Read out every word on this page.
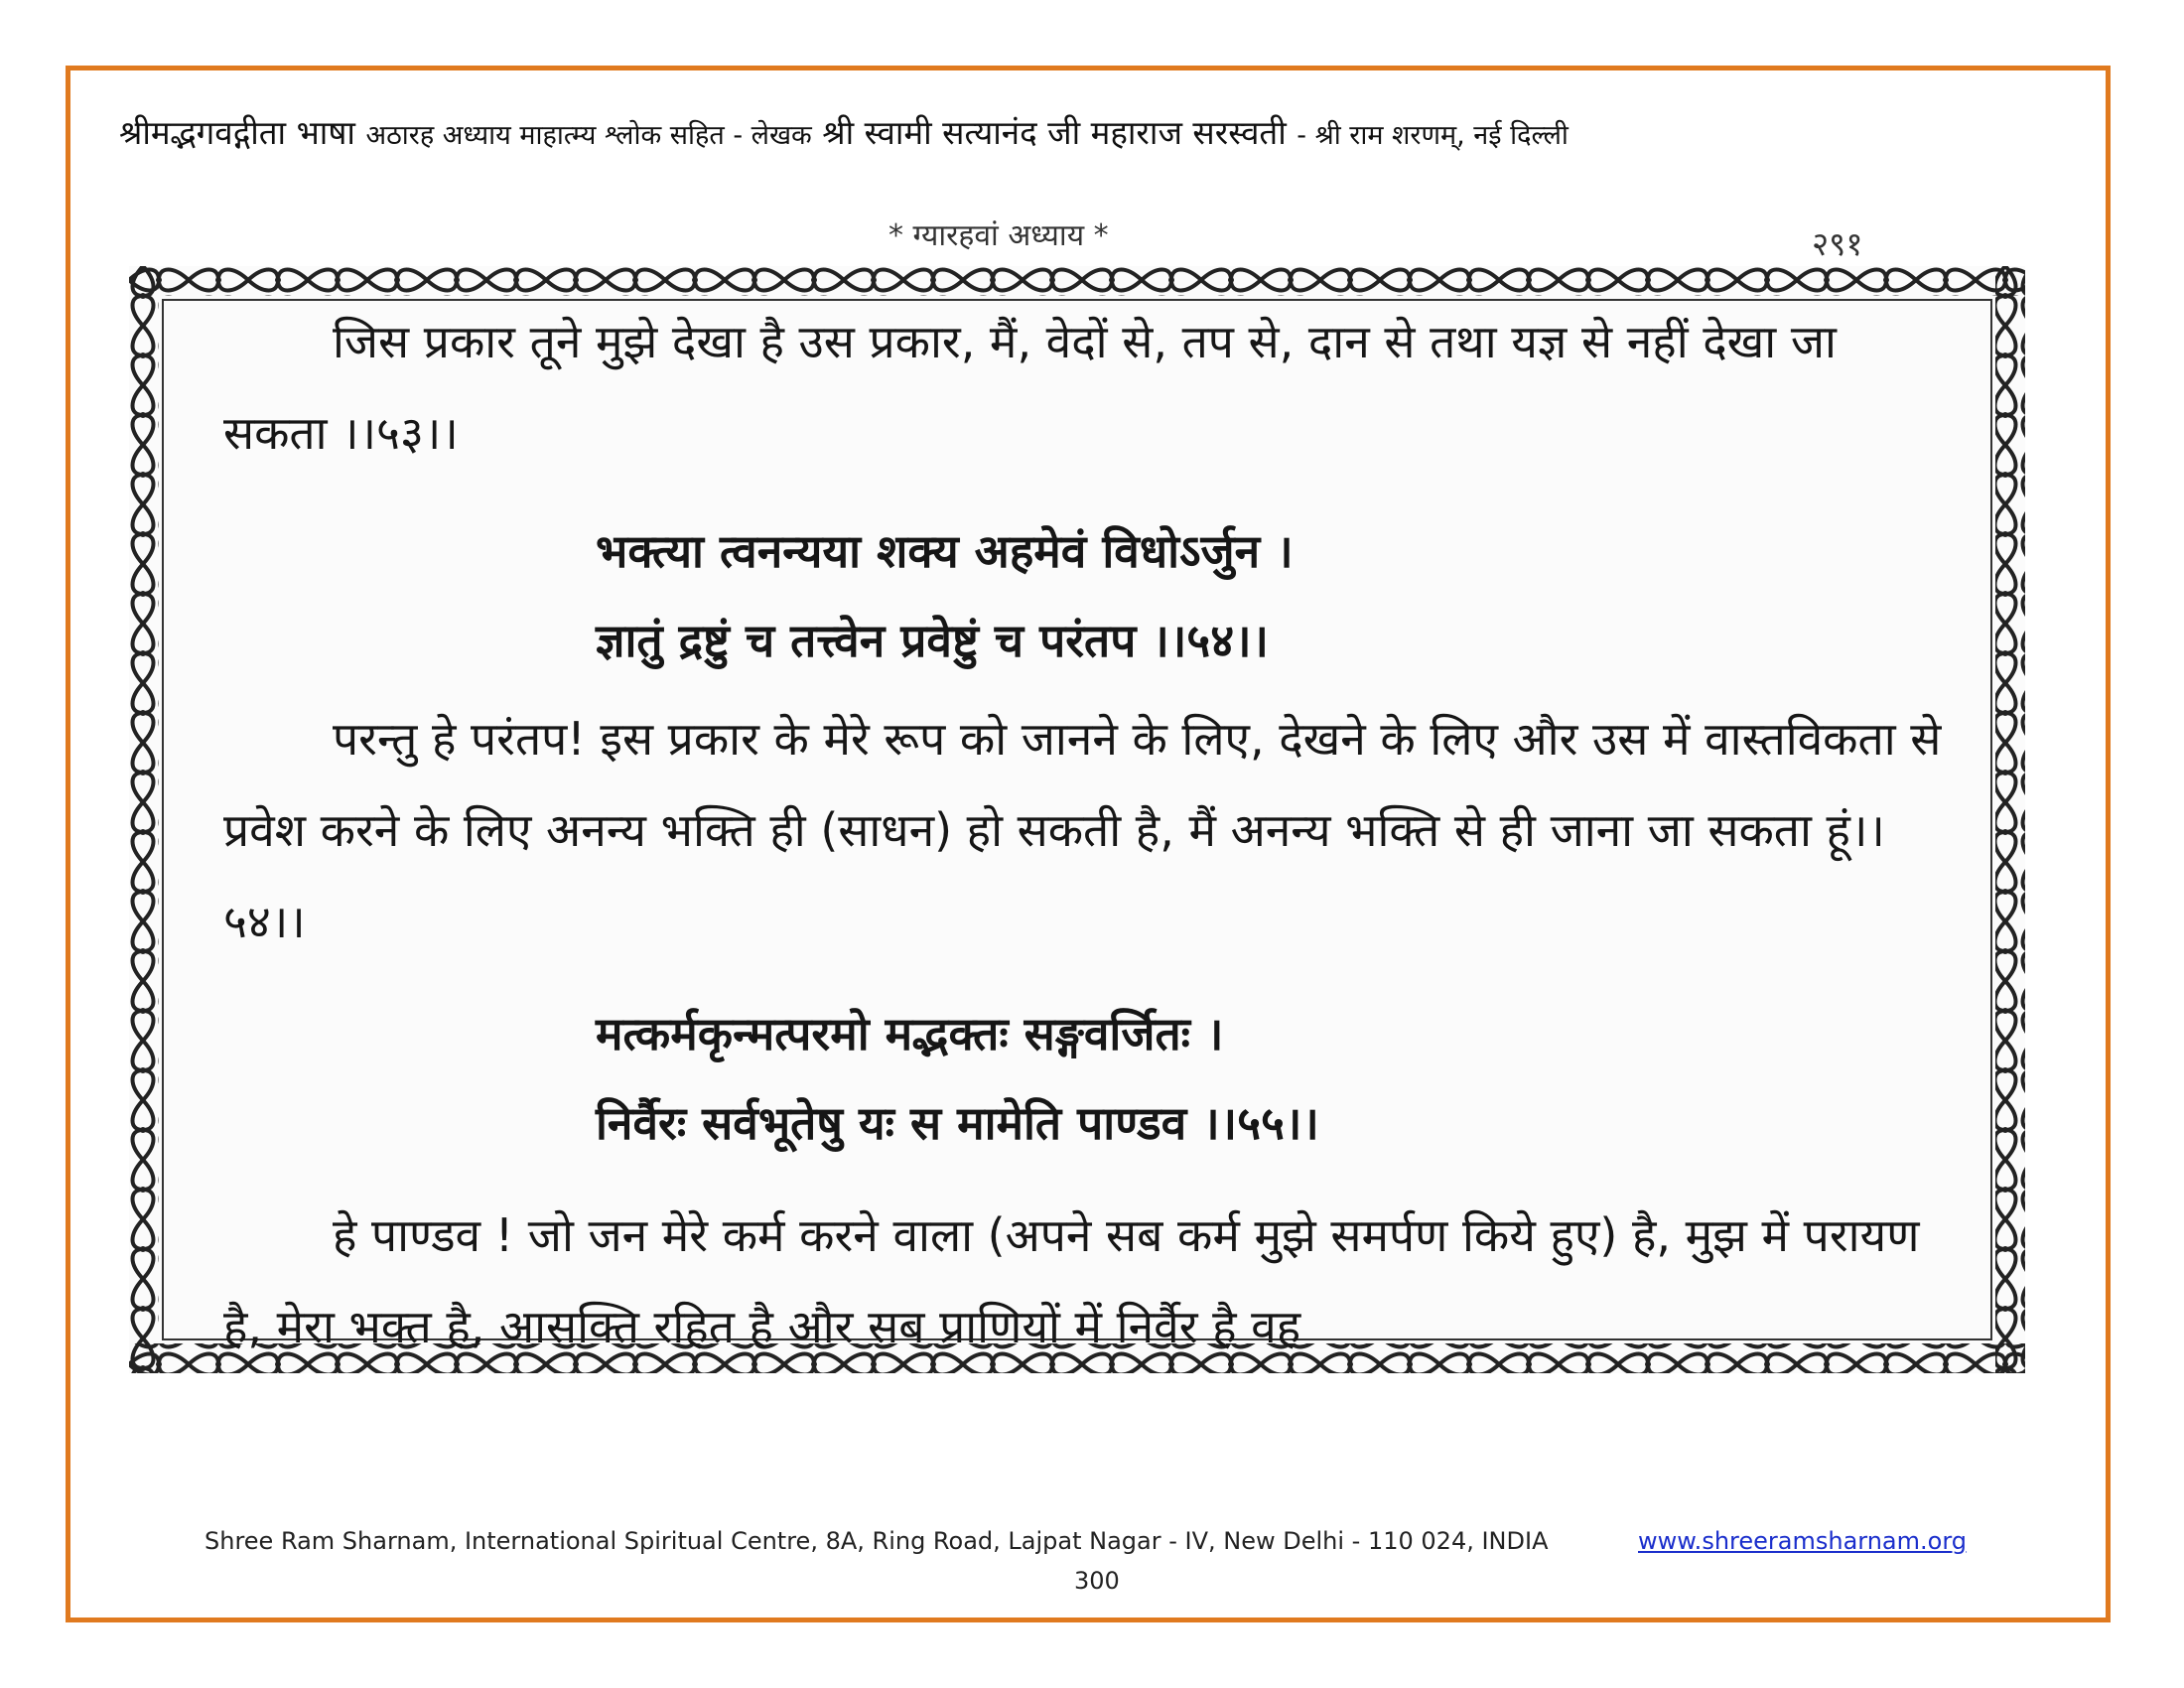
श्रीमद्भगवद्गीता भाषा अठारह अध्याय माहात्म्य श्लोक सहित - लेखक श्री स्वामी सत्यानंद जी महाराज सरस्वती - श्री राम शरणम्, नई दिल्ली
* ग्यारहवां अध्याय *	२९१

जिस प्रकार तूने मुझे देखा है उस प्रकार, मैं, वेदों से, तप से, दान से तथा यज्ञ से नहीं देखा जा सकता ।।५३।।

भक्त्या त्वनन्यया शक्य अहमेवं विधोऽर्जुन ।

ज्ञातुं द्रष्टुं च तत्त्वेन प्रवेष्टुं च परंतप ।।५४।।

परन्तु हे परंतप! इस प्रकार के मेरे रूप को जानने के लिए, देखने के लिए और उस में वास्तविकता से प्रवेश करने के लिए अनन्य भक्ति ही (साधन) हो सकती है, मैं अनन्य भक्ति से ही जाना जा सकता हूं।।५४।।

मत्कर्मकृन्मत्परमो मद्भक्तः सङ्गवर्जितः ।

निर्वैरः सर्वभूतेषु यः स मामेति पाण्डव ।।५५।।

हे पाण्डव ! जो जन मेरे कर्म करने वाला (अपने सब कर्म मुझे समर्पण किये हुए) है, मुझ में परायण है, मेरा भक्त है, आसक्ति रहित है और सब प्राणियों में निर्वैर है वह

Shree Ram Sharnam, International Spiritual Centre, 8A, Ring Road, Lajpat Nagar - IV, New Delhi - 110 024, INDIA	www.shreeramsharnam.org
300
